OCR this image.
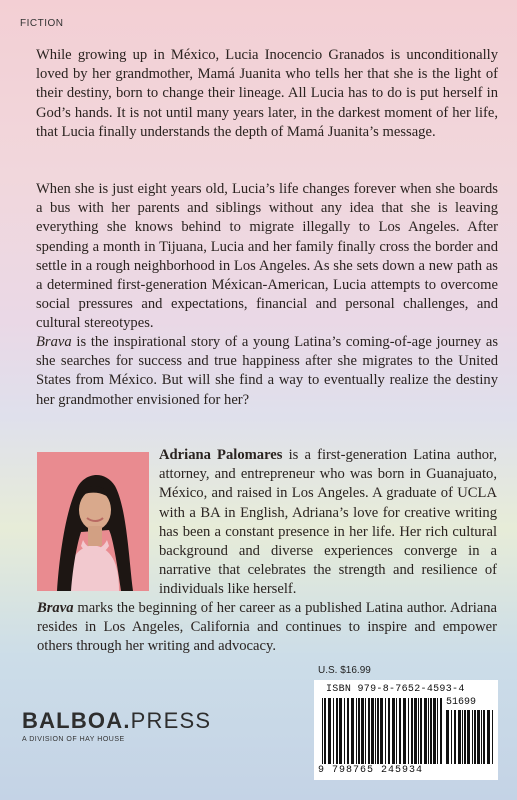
FICTION

While growing up in México, Lucia Inocencio Granados is unconditionally loved by her grandmother, Mamá Juanita who tells her that she is the light of their destiny, born to change their lineage. All Lucia has to do is put herself in God’s hands. It is not until many years later, in the darkest moment of her life, that Lucia finally understands the depth of Mamá Juanita’s message.

When she is just eight years old, Lucia’s life changes forever when she boards a bus with her parents and siblings without any idea that she is leaving everything she knows behind to migrate illegally to Los Angeles. After spending a month in Tijuana, Lucia and her family finally cross the border and settle in a rough neighborhood in Los Angeles. As she sets down a new path as a determined first-generation Méxican-American, Lucia attempts to overcome social pressures and expectations, financial and personal challenges, and cultural stereotypes.

Brava is the inspirational story of a young Latina’s coming-of-age journey as she searches for success and true happiness after she migrates to the United States from México. But will she find a way to eventually realize the destiny her grandmother envisioned for her?

Adriana Palomares is a first-generation Latina author, attorney, and entrepreneur who was born in Guanajuato, México, and raised in Los Angeles. A graduate of UCLA with a BA in English, Adriana’s love for creative writing has been a constant presence in her life. Her rich cultural background and diverse experiences converge in a narrative that celebrates the strength and resilience of individuals like herself.

Brava marks the beginning of her career as a published Latina author. Adriana resides in Los Angeles, California and continues to inspire and empower others through her writing and advocacy.

U.S. $16.99
ISBN 979-8-7652-4593-4
51699
9 798765 245934
BALBOA . PRESS
A DIVISION OF HAY HOUSE
